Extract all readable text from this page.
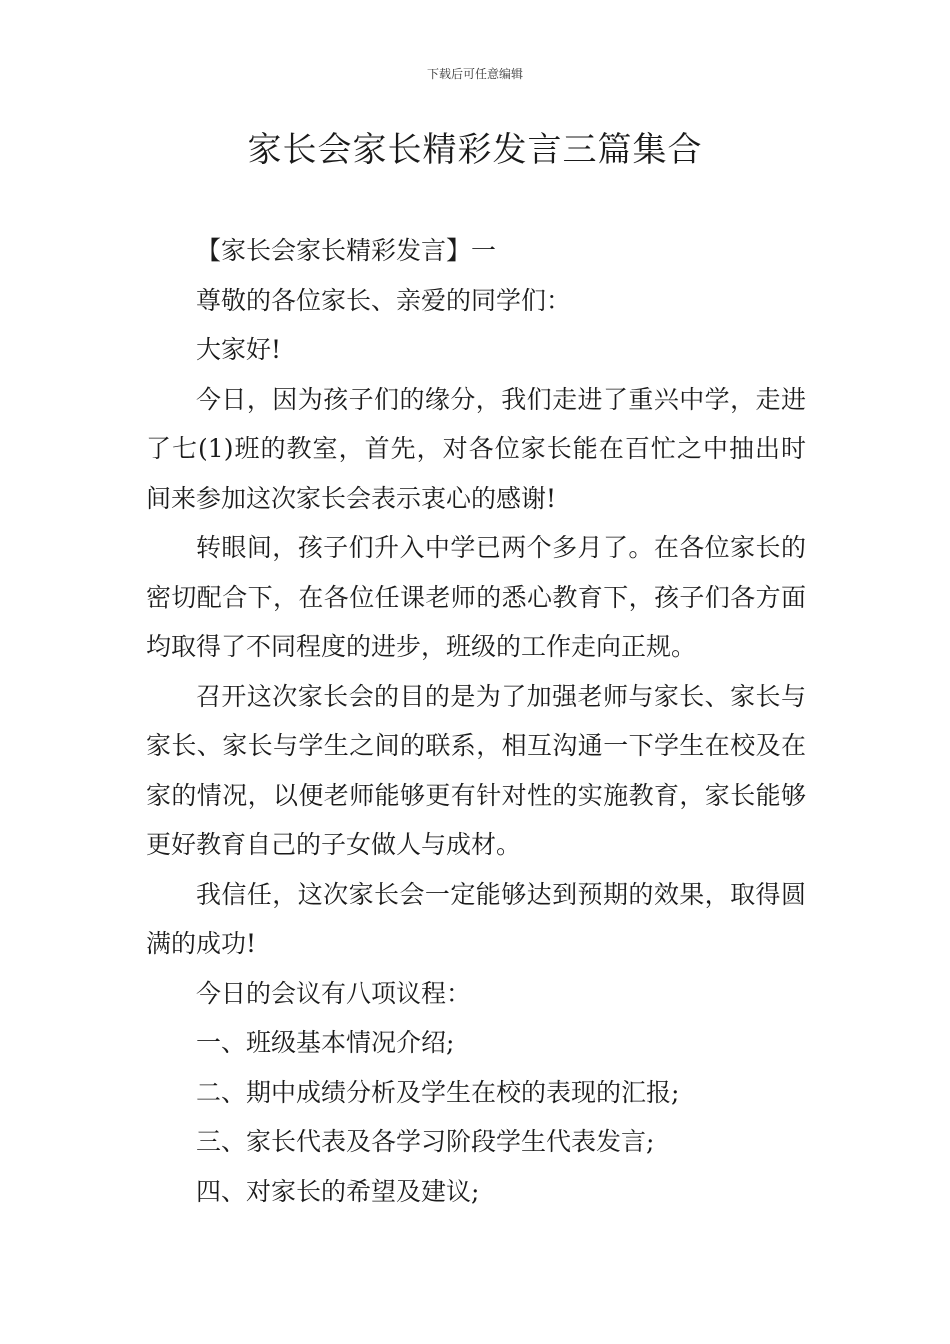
下载后可任意编辑
家长会家长精彩发言三篇集合

【家长会家长精彩发言】一

尊敬的各位家长、亲爱的同学们：

大家好!

今日，因为孩子们的缘分，我们走进了重兴中学，走进了七(1)班的教室，首先，对各位家长能在百忙之中抽出时间来参加这次家长会表示衷心的感谢!

转眼间，孩子们升入中学已两个多月了。在各位家长的密切配合下，在各位任课老师的悉心教育下，孩子们各方面均取得了不同程度的进步，班级的工作走向正规。

召开这次家长会的目的是为了加强老师与家长、家长与家长、家长与学生之间的联系，相互沟通一下学生在校及在家的情况，以便老师能够更有针对性的实施教育，家长能够更好教育自己的子女做人与成材。

我信任，这次家长会一定能够达到预期的效果，取得圆满的成功!

今日的会议有八项议程：

一、班级基本情况介绍;

二、期中成绩分析及学生在校的表现的汇报;

三、家长代表及各学习阶段学生代表发言;

四、对家长的希望及建议;
